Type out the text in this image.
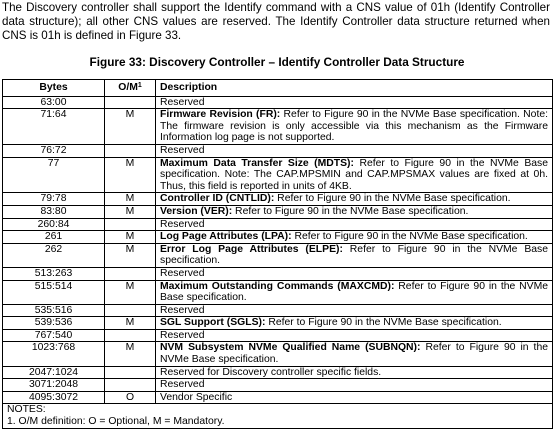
The Discovery controller shall support the Identify command with a CNS value of 01h (Identify Controller data structure); all other CNS values are reserved. The Identify Controller data structure returned when CNS is 01h is defined in Figure 33.
Figure 33: Discovery Controller – Identify Controller Data Structure
Bytes	$O/M^1$	Description
63:00		Reserved
71:64	M	Firmware Revision (FR): Refer to Figure 90 in the NVMe Base specification. Note: The firmware revision is only accessible via this mechanism as the Firmware Information log page is not supported.
76:72		Reserved
77	M	Maximum Data Transfer Size (MDTS): Refer to Figure 90 in the NVMe Base specification. Note: The CAP.MPSMIN and CAP.MPSMAX values are fixed at 0h. Thus, this field is reported in units of 4KB.
79:78	M	Controller ID (CNTLID): Refer to Figure 90 in the NVMe Base specification.
83:80	M	Version (VER): Refer to Figure 90 in the NVMe Base specification.
260:84		Reserved
261	M	Log Page Attributes (LPA): Refer to Figure 90 in the NVMe Base specification.
262	M	Error Log Page Attributes (ELPE): Refer to Figure 90 in the NVMe Base specification.
513:263		Reserved
515:514	M	Maximum Outstanding Commands (MAXCMD): Refer to Figure 90 in the NVMe Base specification.
535:516		Reserved
539:536	M	SGL Support (SGLS): Refer to Figure 90 in the NVMe Base specification.
767:540		Reserved
1023:768	M	NVM Subsystem NVMe Qualified Name (SUBNQN): Refer to Figure 90 in the NVMe Base specification.
2047:1024		Reserved for Discovery controller specific fields.
3071:2048		Reserved
4095:3072	O	Vendor Specific

NOTES:
1. O/M definition: O = Optional, M = Mandatory.		
